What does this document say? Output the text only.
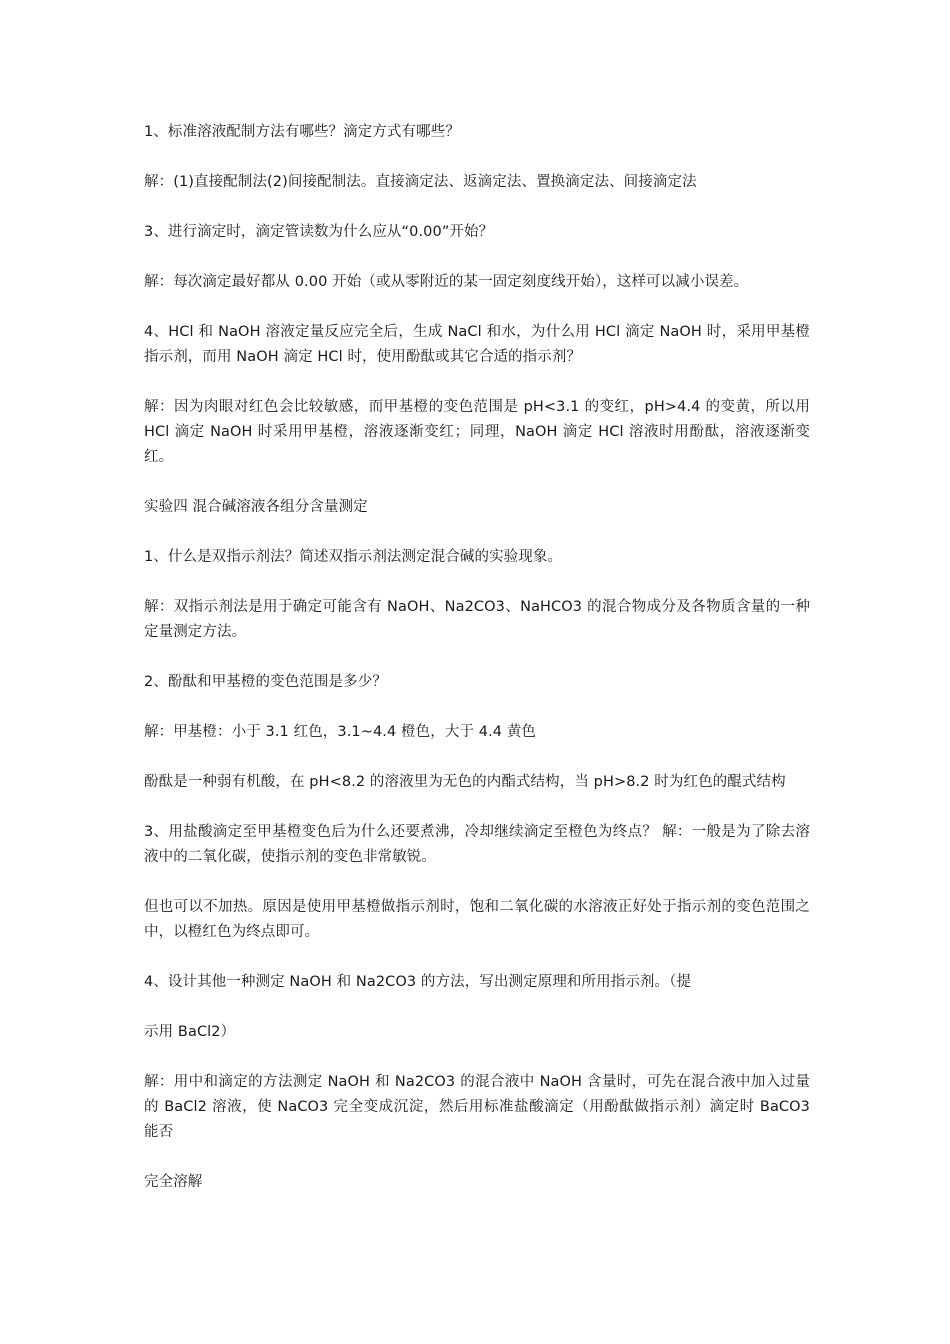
1、标准溶液配制方法有哪些？滴定方式有哪些？

解：(1)直接配制法(2)间接配制法。直接滴定法、返滴定法、置换滴定法、间接滴定法

3、进行滴定时，滴定管读数为什么应从“0.00”开始？

解：每次滴定最好都从 0.00 开始（或从零附近的某一固定刻度线开始），这样可以减小误差。

4、HCl 和 NaOH 溶液定量反应完全后，生成 NaCl 和水，为什么用 HCl 滴定 NaOH 时，采用甲基橙指示剂，而用 NaOH 滴定 HCl 时，使用酚酞或其它合适的指示剂？

解：因为肉眼对红色会比较敏感，而甲基橙的变色范围是 pH<3.1 的变红，pH>4.4 的变黄，所以用 HCl 滴定 NaOH 时采用甲基橙，溶液逐渐变红；同理，NaOH 滴定 HCl 溶液时用酚酞，溶液逐渐变红。

实验四 混合碱溶液各组分含量测定

1、什么是双指示剂法？简述双指示剂法测定混合碱的实验现象。

解：双指示剂法是用于确定可能含有 NaOH、Na2CO3、NaHCO3 的混合物成分及各物质含量的一种定量测定方法。

2、酚酞和甲基橙的变色范围是多少？

解：甲基橙：小于 3.1 红色，3.1~4.4 橙色，大于 4.4 黄色

酚酞是一种弱有机酸，在 pH<8.2 的溶液里为无色的内酯式结构，当 pH>8.2 时为红色的醌式结构

3、用盐酸滴定至甲基橙变色后为什么还要煮沸，冷却继续滴定至橙色为终点？ 解：一般是为了除去溶液中的二氧化碳，使指示剂的变色非常敏锐。

但也可以不加热。原因是使用甲基橙做指示剂时，饱和二氧化碳的水溶液正好处于指示剂的变色范围之中，以橙红色为终点即可。

4、设计其他一种测定 NaOH 和 Na2CO3 的方法，写出测定原理和所用指示剂。（提

示用 BaCl2）

解：用中和滴定的方法测定 NaOH 和 Na2CO3 的混合液中 NaOH 含量时，可先在混合液中加入过量的 BaCl2 溶液，使 NaCO3 完全变成沉淀，然后用标准盐酸滴定（用酚酞做指示剂）滴定时 BaCO3 能否

完全溶解
